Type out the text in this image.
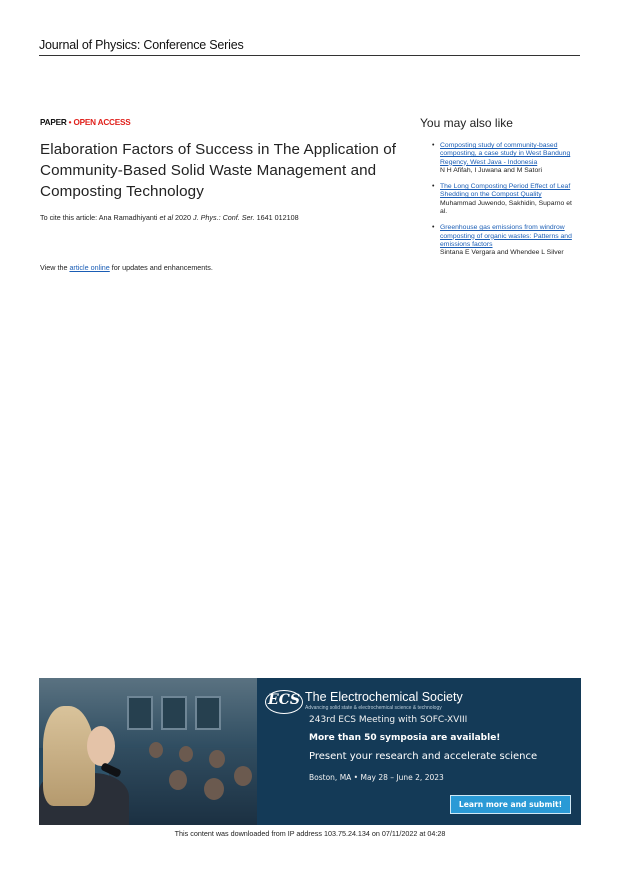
Journal of Physics: Conference Series
PAPER • OPEN ACCESS
Elaboration Factors of Success in The Application of Community-Based Solid Waste Management and Composting Technology
To cite this article: Ana Ramadhiyanti et al 2020 J. Phys.: Conf. Ser. 1641 012108
View the article online for updates and enhancements.
You may also like
• Composting study of community-based composting, a case study in West Bandung Regency, West Java - Indonesia
N H Afifah, I Juwana and M Satori
• The Long Composting Period Effect of Leaf Shedding on the Compost Quality
Muhammad Juwendo, Sakhidin, Suparno et al.
• Greenhouse gas emissions from windrow composting of organic wastes: Patterns and emissions factors
Sintana E Vergara and Whendee L Silver
ECS The Electrochemical Society
Advancing solid state & electrochemical science & technology
243rd ECS Meeting with SOFC-XVIII
More than 50 symposia are available!
Present your research and accelerate science
Boston, MA • May 28 – June 2, 2023
Learn more and submit!
This content was downloaded from IP address 103.75.24.134 on 07/11/2022 at 04:28
